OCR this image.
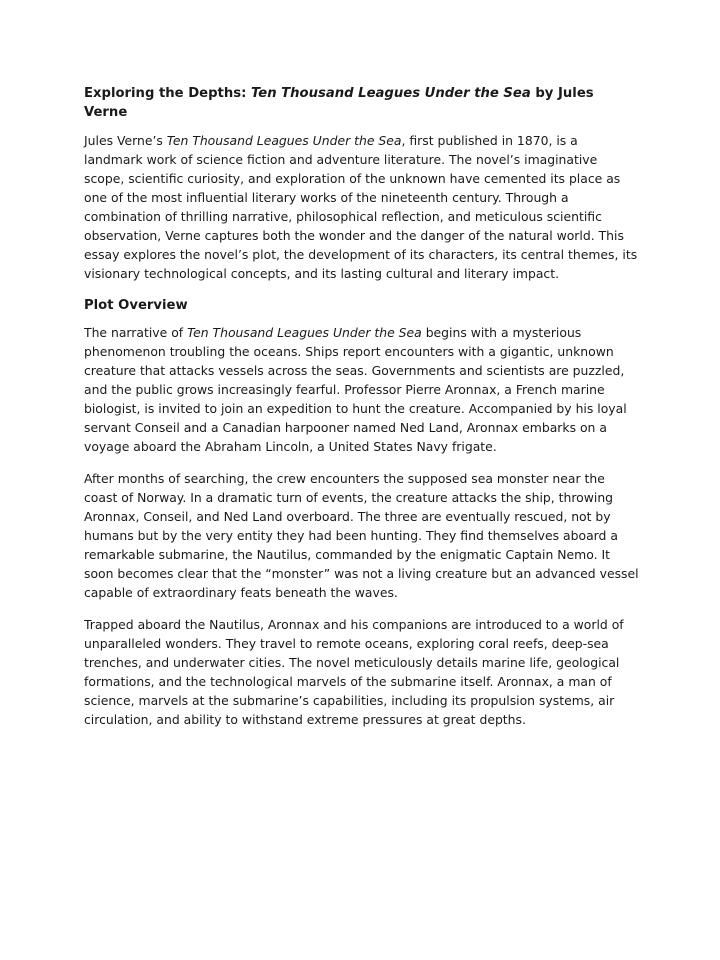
Exploring the Depths: Ten Thousand Leagues Under the Sea by Jules Verne

Jules Verne’s Ten Thousand Leagues Under the Sea, first published in 1870, is a landmark work of science fiction and adventure literature. The novel’s imaginative scope, scientific curiosity, and exploration of the unknown have cemented its place as one of the most influential literary works of the nineteenth century. Through a combination of thrilling narrative, philosophical reflection, and meticulous scientific observation, Verne captures both the wonder and the danger of the natural world. This essay explores the novel’s plot, the development of its characters, its central themes, its visionary technological concepts, and its lasting cultural and literary impact.

Plot Overview

The narrative of Ten Thousand Leagues Under the Sea begins with a mysterious phenomenon troubling the oceans. Ships report encounters with a gigantic, unknown creature that attacks vessels across the seas. Governments and scientists are puzzled, and the public grows increasingly fearful. Professor Pierre Aronnax, a French marine biologist, is invited to join an expedition to hunt the creature. Accompanied by his loyal servant Conseil and a Canadian harpooner named Ned Land, Aronnax embarks on a voyage aboard the Abraham Lincoln, a United States Navy frigate.

After months of searching, the crew encounters the supposed sea monster near the coast of Norway. In a dramatic turn of events, the creature attacks the ship, throwing Aronnax, Conseil, and Ned Land overboard. The three are eventually rescued, not by humans but by the very entity they had been hunting. They find themselves aboard a remarkable submarine, the Nautilus, commanded by the enigmatic Captain Nemo. It soon becomes clear that the “monster” was not a living creature but an advanced vessel capable of extraordinary feats beneath the waves.

Trapped aboard the Nautilus, Aronnax and his companions are introduced to a world of unparalleled wonders. They travel to remote oceans, exploring coral reefs, deep-sea trenches, and underwater cities. The novel meticulously details marine life, geological formations, and the technological marvels of the submarine itself. Aronnax, a man of science, marvels at the submarine’s capabilities, including its propulsion systems, air circulation, and ability to withstand extreme pressures at great depths.
